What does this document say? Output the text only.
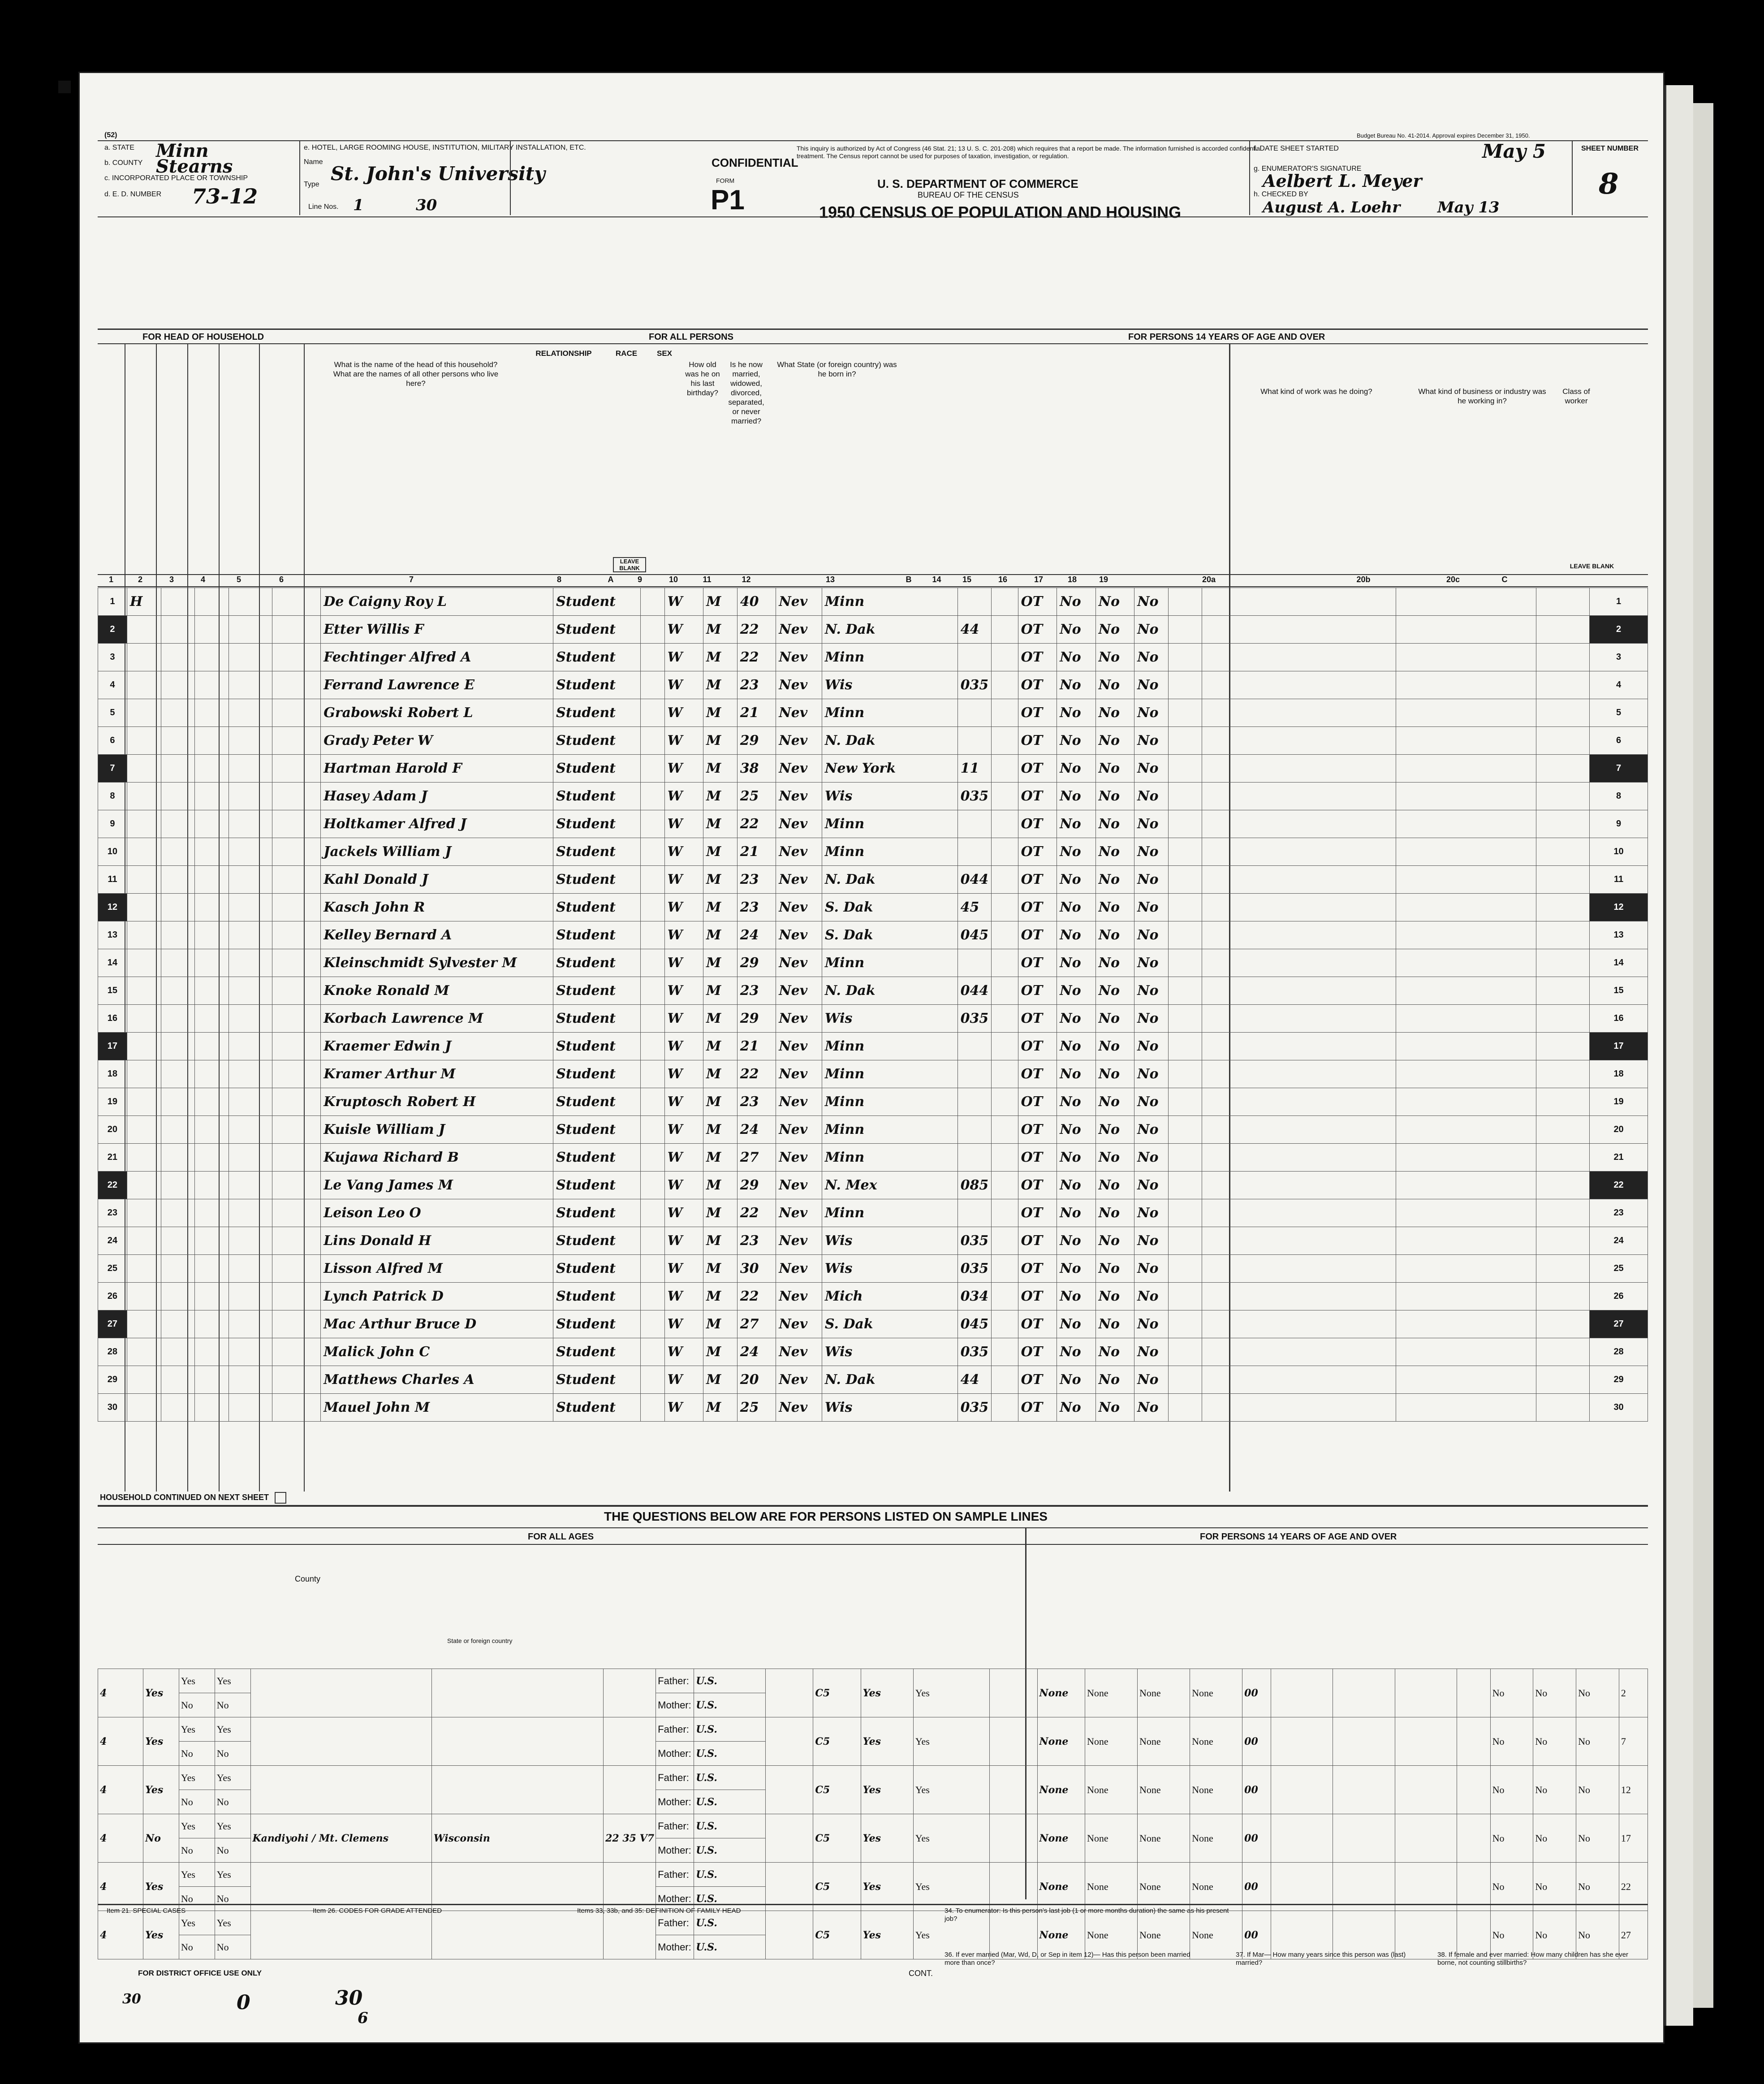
(52)
a. STATE Minn
b. COUNTY Stearns
c. INCORPORATED PLACE OR TOWNSHIP
d. E. D. NUMBER 73-12
e. HOTEL, LARGE ROOMING HOUSE, INSTITUTION, MILITARY INSTALLATION, ETC.
Name
St. John's University
Type
Line Nos. 1	30
CONFIDENTIAL
This inquiry is authorized by Act of Congress (46 Stat. 21; 13 U. S. C. 201-208) which requires that a report be made. The information furnished is accorded confidential treatment. The Census report cannot be used for purposes of taxation, investigation, or regulation.
FORM
P1
U. S. DEPARTMENT OF COMMERCE
BUREAU OF THE CENSUS
1950 CENSUS OF POPULATION AND HOUSING
Budget Bureau No. 41-2014. Approval expires December 31, 1950.
f. DATE SHEET STARTED	May 5
g. ENUMERATOR'S SIGNATURE
Aelbert L. Meyer
h. CHECKED BY
August A. Loehr May 13
SHEET NUMBER
8
FOR HEAD OF HOUSEHOLD	FOR ALL PERSONS	FOR PERSONS 14 YEARS OF AGE AND OVER
What is the name of the head of this household? What are the names of all other persons who live here?
RELATIONSHIP	RACE	SEX
How old was he on his last birthday?
Is he now married, widowed, divorced, separated, or never married?
What State (or foreign country) was he born in?
What kind of work was he doing?	What kind of business or industry was he working in?
Class of worker
LEAVE BLANK	LEAVE BLANK
1	2	3	4	5	6	7	8	A	9	10	11	12	13	B	14	15	16	17	18	19	20a	20b	20c	C
1	H					De Caigny Roy L	Student		W	M	40	Nev	Minn			OT	No	No	No					1
2						Etter Willis F	Student		W	M	22	Nev	N. Dak	44		OT	No	No	No					2
3						Fechtinger Alfred A	Student		W	M	22	Nev	Minn			OT	No	No	No					3
4						Ferrand Lawrence E	Student		W	M	23	Nev	Wis	035		OT	No	No	No					4
5						Grabowski Robert L	Student		W	M	21	Nev	Minn			OT	No	No	No					5
6						Grady Peter W	Student		W	M	29	Nev	N. Dak			OT	No	No	No					6
7						Hartman Harold F	Student		W	M	38	Nev	New York	11		OT	No	No	No					7
8						Hasey Adam J	Student		W	M	25	Nev	Wis	035		OT	No	No	No					8
9						Holtkamer Alfred J	Student		W	M	22	Nev	Minn			OT	No	No	No					9
10						Jackels William J	Student		W	M	21	Nev	Minn			OT	No	No	No					10
11						Kahl Donald J	Student		W	M	23	Nev	N. Dak	044		OT	No	No	No					11
12						Kasch John R	Student		W	M	23	Nev	S. Dak	45		OT	No	No	No					12
13						Kelley Bernard A	Student		W	M	24	Nev	S. Dak	045		OT	No	No	No					13
14						Kleinschmidt Sylvester M	Student		W	M	29	Nev	Minn			OT	No	No	No					14
15						Knoke Ronald M	Student		W	M	23	Nev	N. Dak	044		OT	No	No	No					15
16						Korbach Lawrence M	Student		W	M	29	Nev	Wis	035		OT	No	No	No					16
17						Kraemer Edwin J	Student		W	M	21	Nev	Minn			OT	No	No	No					17
18						Kramer Arthur M	Student		W	M	22	Nev	Minn			OT	No	No	No					18
19						Kruptosch Robert H	Student		W	M	23	Nev	Minn			OT	No	No	No					19
20						Kuisle William J	Student		W	M	24	Nev	Minn			OT	No	No	No					20
21						Kujawa Richard B	Student		W	M	27	Nev	Minn			OT	No	No	No					21
22						Le Vang James M	Student		W	M	29	Nev	N. Mex	085		OT	No	No	No					22
23						Leison Leo O	Student		W	M	22	Nev	Minn			OT	No	No	No					23
24						Lins Donald H	Student		W	M	23	Nev	Wis	035		OT	No	No	No					24
25						Lisson Alfred M	Student		W	M	30	Nev	Wis	035		OT	No	No	No					25
26						Lynch Patrick D	Student		W	M	22	Nev	Mich	034		OT	No	No	No					26
27						Mac Arthur Bruce D	Student		W	M	27	Nev	S. Dak	045		OT	No	No	No					27
28						Malick John C	Student		W	M	24	Nev	Wis	035		OT	No	No	No					28
29						Matthews Charles A	Student		W	M	20	Nev	N. Dak	44		OT	No	No	No					29
30						Mauel John M	Student		W	M	25	Nev	Wis	035		OT	No	No	No					30
HOUSEHOLD CONTINUED ON NEXT SHEET
THE QUESTIONS BELOW ARE FOR PERSONS LISTED ON SAMPLE LINES
FOR ALL AGES	FOR PERSONS 14 YEARS OF AGE AND OVER
County
State or foreign country
4	Yes	Yes	Yes				Father:	U.S.		C5	Yes	Yes		None	None	None	None	00					No	No	No	2
		No	No				Mother:	U.S.																		
4	Yes	Yes	Yes				Father:	U.S.		C5	Yes	Yes		None	None	None	None	00					No	No	No	7
		No	No				Mother:	U.S.																		
4	Yes	Yes	Yes				Father:	U.S.		C5	Yes	Yes		None	None	None	None	00					No	No	No	12
		No	No				Mother:	U.S.																		
4	No	Yes	Yes	Kandiyohi / Mt. Clemens	Wisconsin	22 35 V7	Father:	U.S.		C5	Yes	Yes		None	None	None	None	00					No	No	No	17
		No	No				Mother:	U.S.																		
4	Yes	Yes	Yes				Father:	U.S.		C5	Yes	Yes		None	None	None	None	00					No	No	No	22
		No	No				Mother:	U.S.																		
4	Yes	Yes	Yes				Father:	U.S.		C5	Yes	Yes		None	None	None	None	00					No	No	No	27
		No	No				Mother:	U.S.																		
Item 21. SPECIAL CASES	Item 26. CODES FOR GRADE ATTENDED	Items 33, 33b, and 35: DEFINITION OF FAMILY HEAD
CONT.
34. To enumerator: Is this person's last job (1 or more months duration) the same as his present job?
36. If ever married (Mar, Wd, D, or Sep in item 12)— Has this person been married more than once?
37. If Mar— How many years since this person was (last) married?
38. If female and ever married: How many children has she ever borne, not counting stillbirths?
FOR DISTRICT OFFICE USE ONLY
30	0	30
6
